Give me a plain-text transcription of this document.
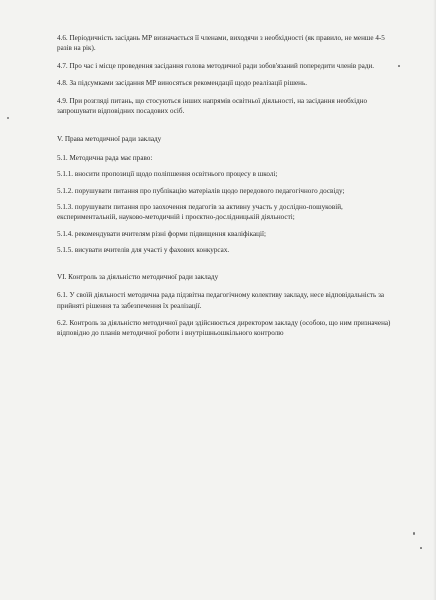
4.6. Періодичність засідань МР визначається її членами, виходячи з необхідності (як правило, не менше 4-5 разів на рік).

4.7. Про час і місце проведення засідання голова методичної ради зобов'язаний попередити членів ради.

4.8. За підсумками засідання МР виносяться рекомендації щодо реалізації рішень.

4.9. При розгляді питань, що стосуються інших напрямів освітньої діяльності, на засідання необхідно запрошувати відповідних посадових осіб.

V. Права методичної ради закладу

5.1. Методична рада має право:

5.1.1. вносити пропозиції щодо поліпшення освітнього процесу в школі;

5.1.2. порушувати питання про публікацію матеріалів щодо передового педагогічного досвіду;

5.1.3. порушувати питання про заохочення педагогів за активну участь у дослідно-пошуковій, експериментальній, науково-методичній і проєктно-дослідницькій діяльності;

5.1.4. рекомендувати вчителям різні форми підвищення кваліфікації;

5.1.5. висувати вчителів для участі у фахових конкурсах.

VI. Контроль за діяльністю методичної ради закладу

6.1. У своїй діяльності методична рада підзвітна педагогічному колективу закладу, несе відповідальність за прийняті рішення та забезпечення їх реалізації.

6.2. Контроль за діяльністю методичної ради здійснюється директором закладу (особою, що ним призначена) відповідно до планів методичної роботи і внутрішньошкільного контролю
